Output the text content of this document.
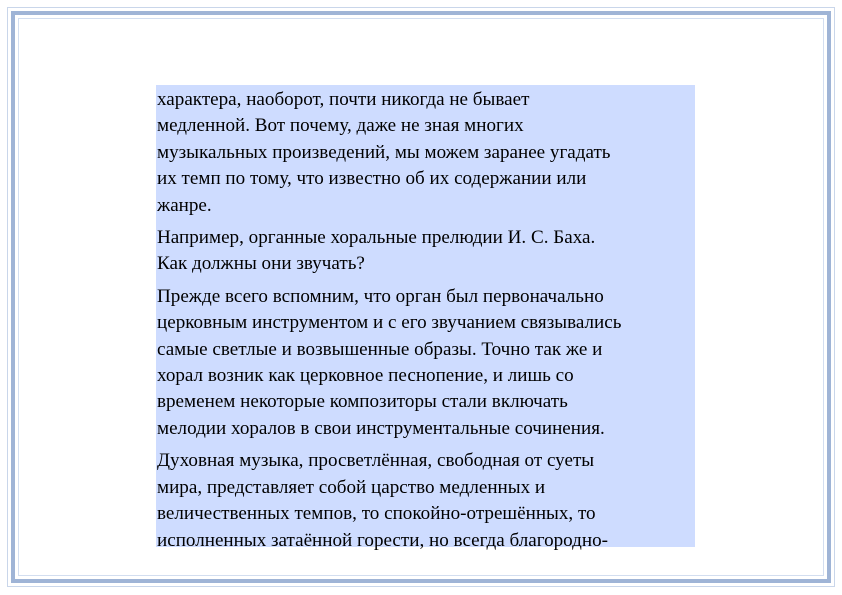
характера, наоборот, почти никогда не бывает
медленной. Вот почему, даже не зная многих
музыкальных произведений, мы можем заранее угадать
их темп по тому, что известно об их содержании или
жанре.

Например, органные хоральные прелюдии И. С. Баха.
Как должны они звучать?

Прежде всего вспомним, что орган был первоначально
церковным инструментом и с его звучанием связывались
самые светлые и возвышенные образы. Точно так же и
хорал возник как церковное песнопение, и лишь со
временем некоторые композиторы стали включать
мелодии хоралов в свои инструментальные сочинения.

Духовная музыка, просветлённая, свободная от суеты
мира, представляет собой царство медленных и
величественных темпов, то спокойно-отрешённых, то
исполненных затаённой горести, но всегда благородно-
